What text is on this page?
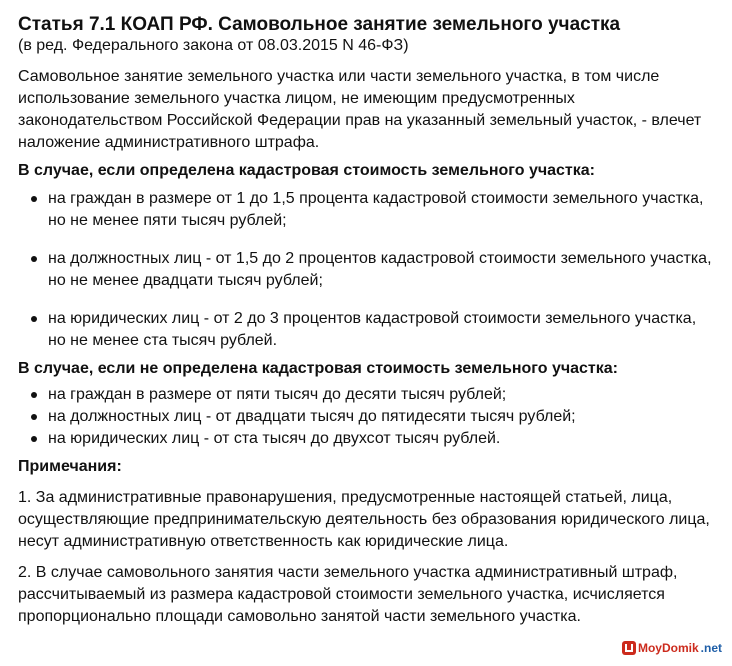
Статья 7.1 КОАП РФ. Самовольное занятие земельного участка

(в ред. Федерального закона от 08.03.2015 N 46-ФЗ)

Самовольное занятие земельного участка или части земельного участка, в том числе использование земельного участка лицом, не имеющим предусмотренных законодательством Российской Федерации прав на указанный земельный участок, - влечет наложение административного штрафа.

В случае, если определена кадастровая стоимость земельного участка:

на граждан в размере от 1 до 1,5 процента кадастровой стоимости земельного участка, но не менее пяти тысяч рублей;
на должностных лиц - от 1,5 до 2 процентов кадастровой стоимости земельного участка, но не менее двадцати тысяч рублей;
на юридических лиц - от 2 до 3 процентов кадастровой стоимости земельного участка, но не менее ста тысяч рублей.

В случае, если не определена кадастровая стоимость земельного участка:

на граждан в размере от пяти тысяч до десяти тысяч рублей;
на должностных лиц - от двадцати тысяч до пятидесяти тысяч рублей;
на юридических лиц - от ста тысяч до двухсот тысяч рублей.

Примечания:

1. За административные правонарушения, предусмотренные настоящей статьей, лица, осуществляющие предпринимательскую деятельность без образования юридического лица, несут административную ответственность как юридические лица.

2. В случае самовольного занятия части земельного участка административный штраф, рассчитываемый из размера кадастровой стоимости земельного участка, исчисляется пропорционально площади самовольно занятой части земельного участка.

MoyDomik .net
